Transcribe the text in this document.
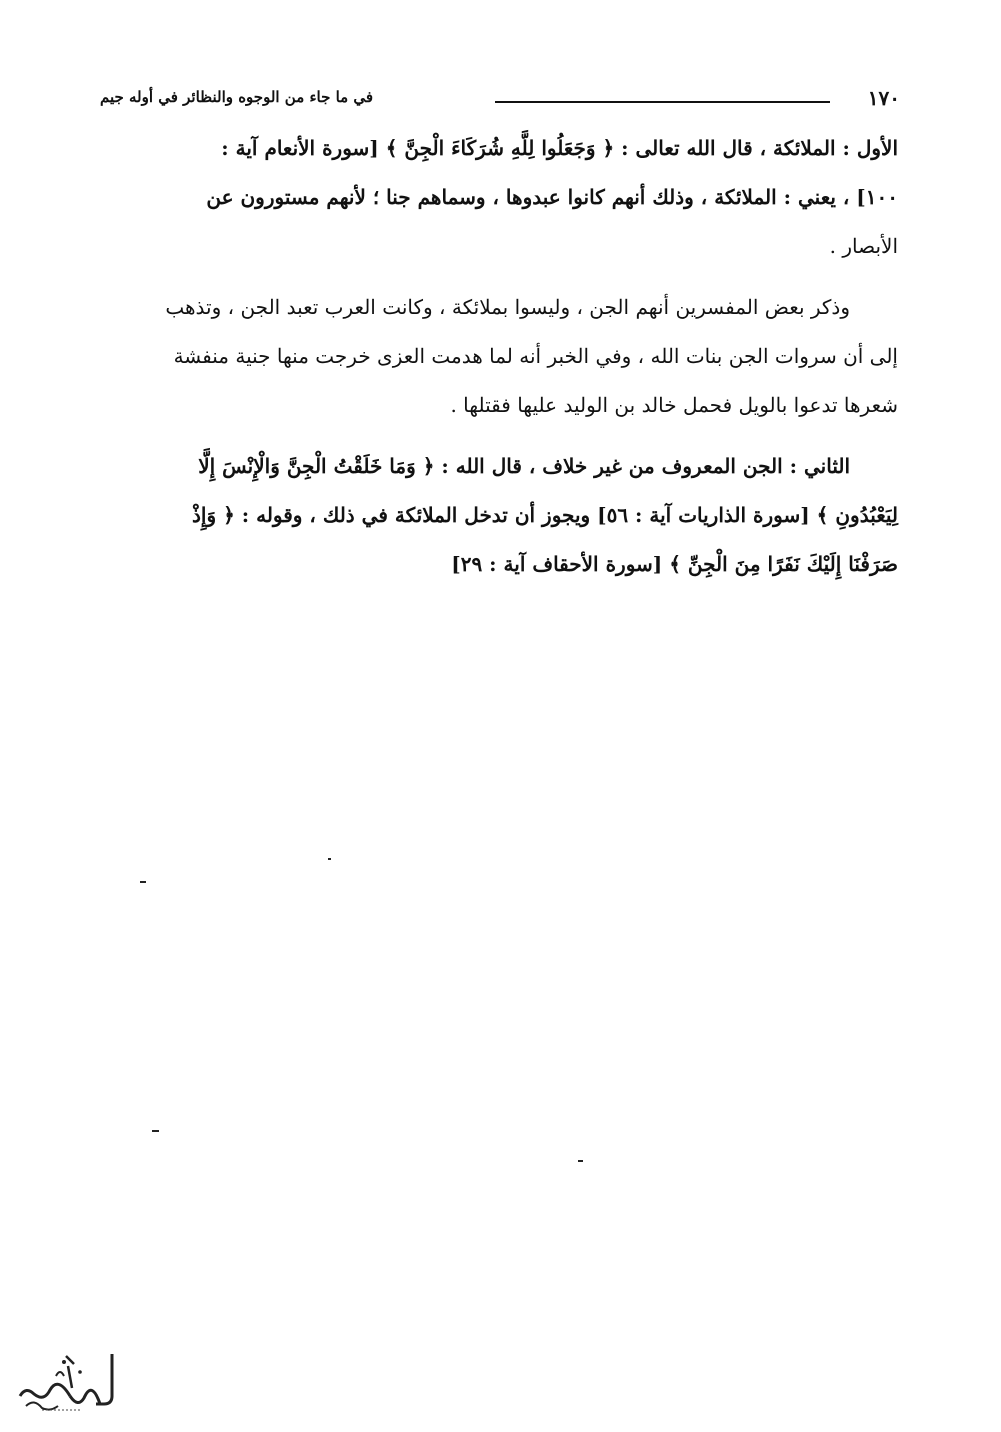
١٧٠
في ما جاء من الوجوه والنظائر في أوله جيم

الأول : الملائكة ، قال الله تعالى : ﴿ وَجَعَلُوا لِلَّهِ شُرَكَاءَ الْجِنَّ ﴾ [سورة الأنعام آية :

١٠٠] ، يعني : الملائكة ، وذلك أنهم كانوا عبدوها ، وسماهم جنا ؛ لأنهم مستورون عن

الأبصار .

وذكر بعض المفسرين أنهم الجن ، وليسوا بملائكة ، وكانت العرب تعبد الجن ، وتذهب

إلى أن سروات الجن بنات الله ، وفي الخبر أنه لما هدمت العزى خرجت منها جنية منفشة

شعرها تدعوا بالويل فحمل خالد بن الوليد عليها فقتلها .

الثاني : الجن المعروف من غير خلاف ، قال الله : ﴿ وَمَا خَلَقْتُ الْجِنَّ وَالْإِنْسَ إِلَّا

لِيَعْبُدُونِ ﴾ [سورة الذاريات آية : ٥٦] ويجوز أن تدخل الملائكة في ذلك ، وقوله : ﴿ وَإِذْ

صَرَفْنَا إِلَيْكَ نَفَرًا مِنَ الْجِنِّ ﴾ [سورة الأحقاف آية : ٢٩]
